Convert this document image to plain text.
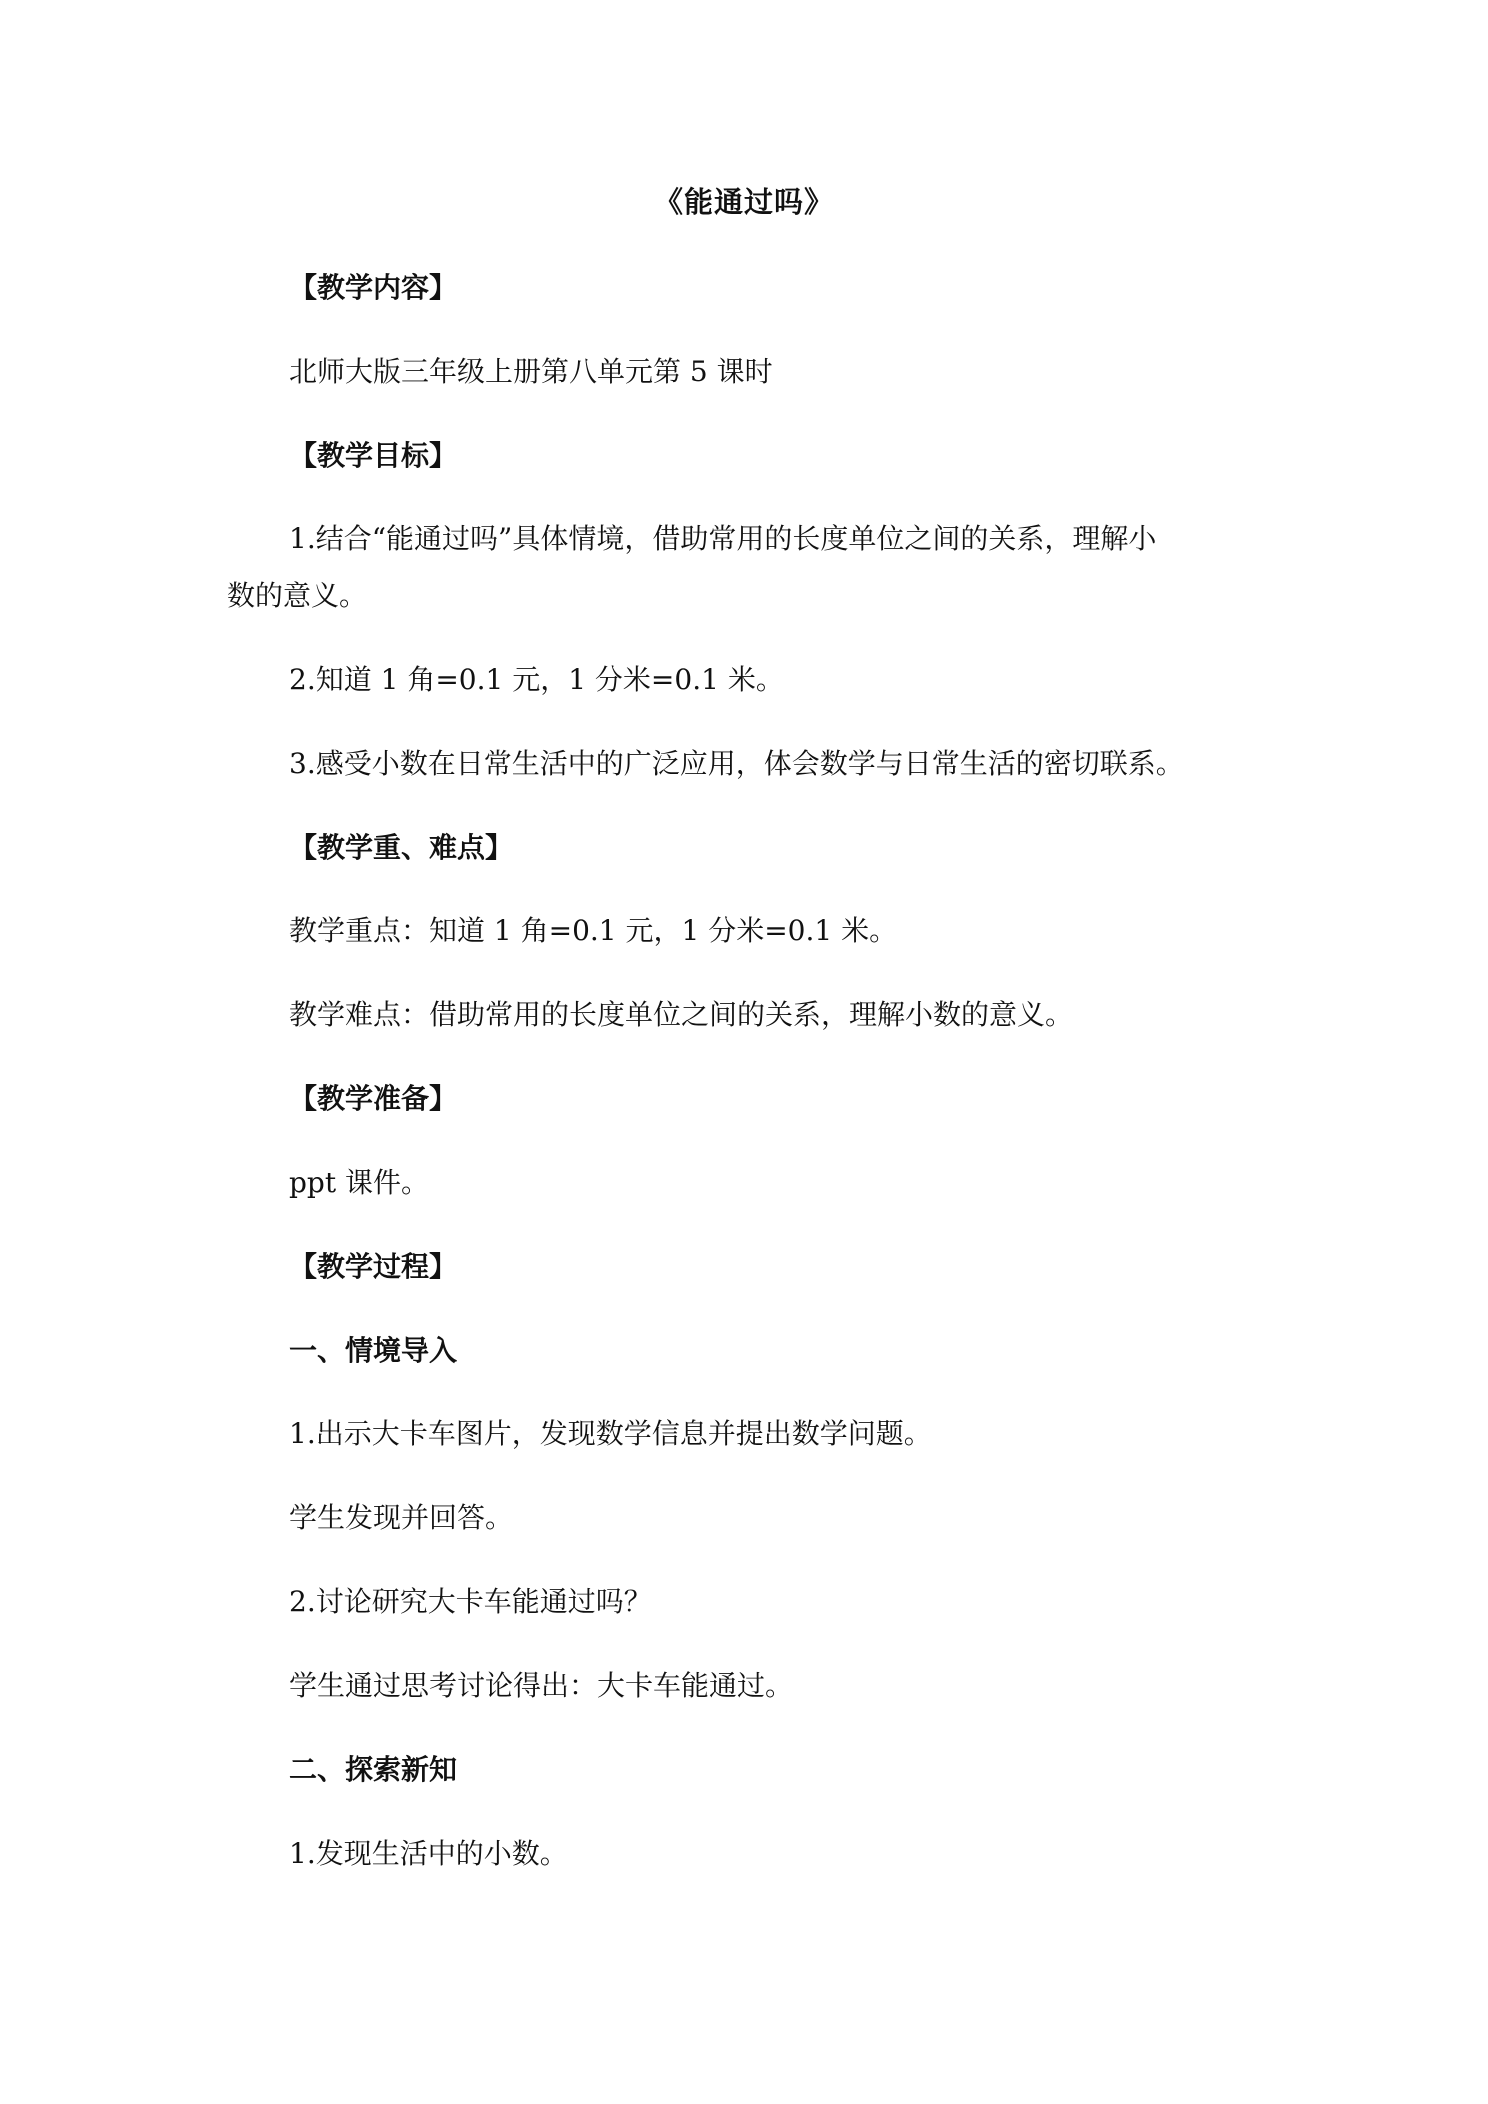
《能通过吗》
【教学内容】
北师大版三年级上册第八单元第 5 课时
【教学目标】
1.结合“能通过吗”具体情境，借助常用的长度单位之间的关系，理解小
数的意义。
2.知道 1 角=0.1 元，1 分米=0.1 米。
3.感受小数在日常生活中的广泛应用，体会数学与日常生活的密切联系。
【教学重、难点】
教学重点：知道 1 角=0.1 元，1 分米=0.1 米。
教学难点：借助常用的长度单位之间的关系，理解小数的意义。
【教学准备】
ppt 课件。
【教学过程】
一、情境导入
1.出示大卡车图片，发现数学信息并提出数学问题。
学生发现并回答。
2.讨论研究大卡车能通过吗？
学生通过思考讨论得出：大卡车能通过。
二、探索新知
1.发现生活中的小数。
